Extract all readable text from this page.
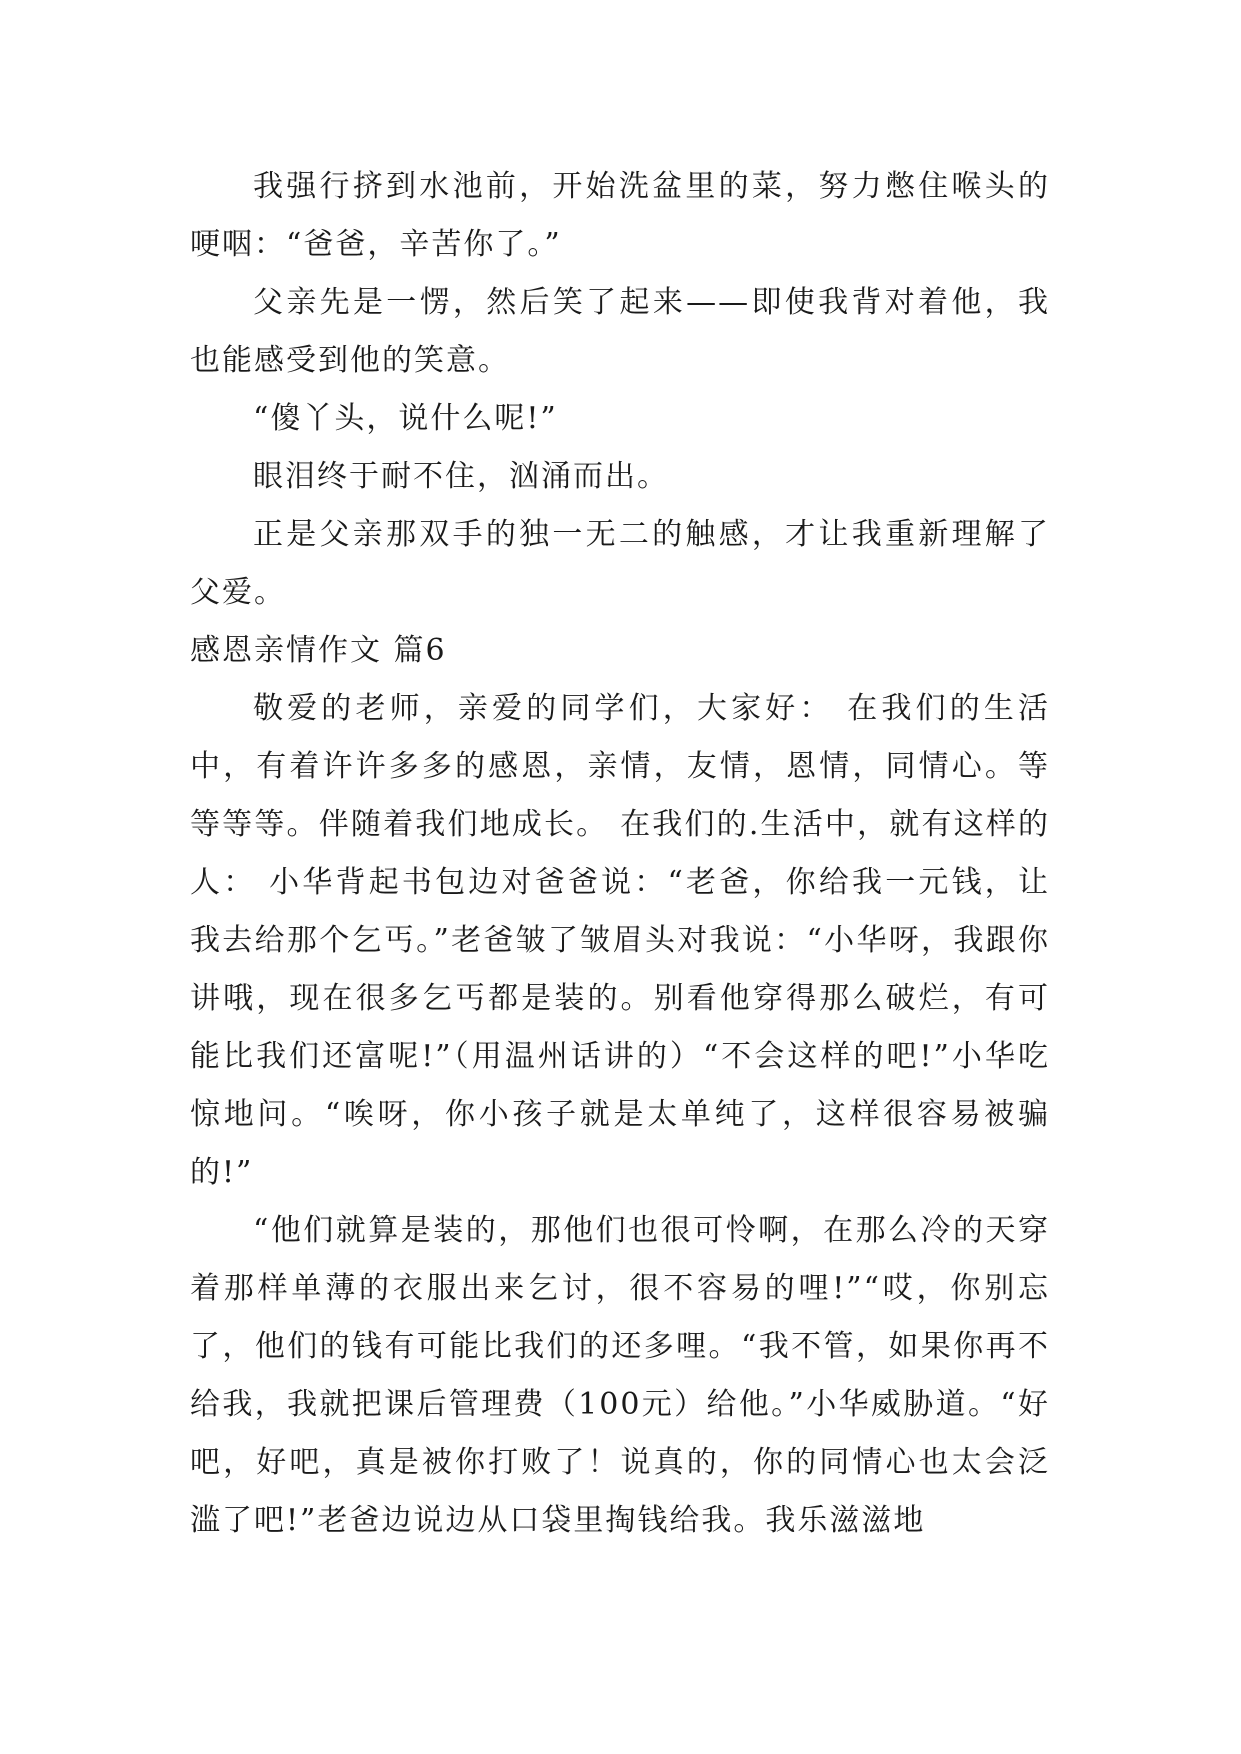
我强行挤到水池前，开始洗盆里的菜，努力憋住喉头的哽咽：“爸爸，辛苦你了。”

父亲先是一愣，然后笑了起来——即使我背对着他，我也能感受到他的笑意。

“傻丫头，说什么呢!”

眼泪终于耐不住，汹涌而出。

正是父亲那双手的独一无二的触感，才让我重新理解了父爱。

感恩亲情作文 篇6

敬爱的老师，亲爱的同学们，大家好： 在我们的生活中，有着许许多多的感恩，亲情，友情，恩情，同情心。等等等等。伴随着我们地成长。 在我们的.生活中，就有这样的人： 小华背起书包边对爸爸说：“老爸，你给我一元钱，让我去给那个乞丐。”老爸皱了皱眉头对我说：“小华呀，我跟你讲哦，现在很多乞丐都是装的。别看他穿得那么破烂，有可能比我们还富呢!”（用温州话讲的）“不会这样的吧!”小华吃惊地问。“唉呀，你小孩子就是太单纯了，这样很容易被骗的!”

“他们就算是装的，那他们也很可怜啊，在那么冷的天穿着那样单薄的衣服出来乞讨，很不容易的哩!”“哎，你别忘了，他们的钱有可能比我们的还多哩。“我不管，如果你再不给我，我就把课后管理费（100元）给他。”小华威胁道。“好吧，好吧，真是被你打败了！说真的，你的同情心也太会泛滥了吧!”老爸边说边从口袋里掏钱给我。我乐滋滋地
